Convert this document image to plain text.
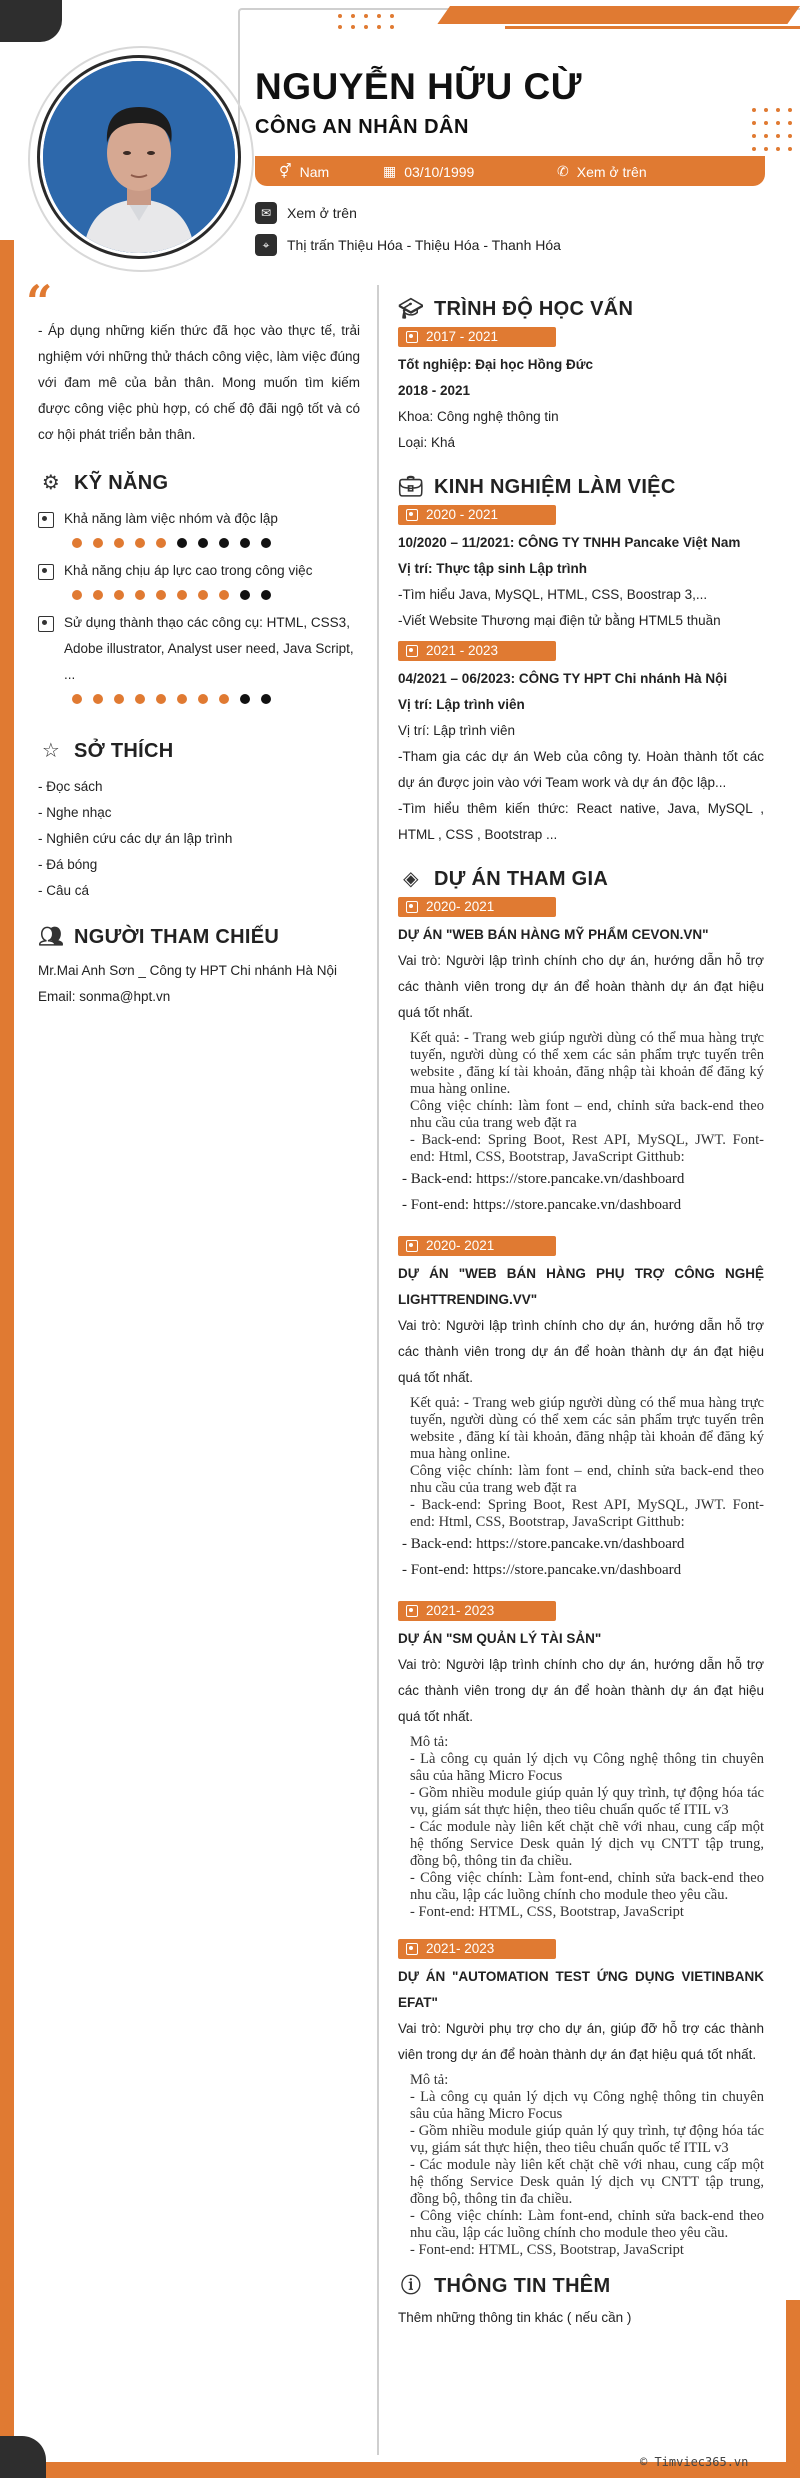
© Timviec365.vn
NGUYỄN HỮU CỪ
CÔNG AN NHÂN DÂN
⚥ Nam	▦ 03/10/1999	✆ Xem ở trên
✉	Xem ở trên
⌖	Thị trấn Thiệu Hóa - Thiệu Hóa - Thanh Hóa
“
- Áp dụng những kiến thức đã học vào thực tế, trải nghiệm với những thử thách công việc, làm việc đúng với đam mê của bản thân. Mong muốn tìm kiếm được công việc phù hợp, có chế độ đãi ngộ tốt và có cơ hội phát triển bản thân.
⚙ KỸ NĂNG
Khả năng làm việc nhóm và độc lập
Khả năng chịu áp lực cao trong công việc
Sử dụng thành thạo các công cụ: HTML, CSS3, Adobe illustrator, Analyst user need, Java Script, ...
☆ SỞ THÍCH
- Đọc sách
- Nghe nhạc
- Nghiên cứu các dự án lập trình
- Đá bóng
- Câu cá
👥︎ NGƯỜI THAM CHIẾU
Mr.Mai Anh Sơn _ Công ty HPT Chi nhánh Hà Nội
Email: sonma@hpt.vn
🎓︎ TRÌNH ĐỘ HỌC VẤN
2017 - 2021
Tốt nghiệp: Đại học Hồng Đức
2018 - 2021
Khoa: Công nghệ thông tin
Loại: Khá
💼︎ KINH NGHIỆM LÀM VIỆC
2020 - 2021
10/2020 – 11/2021: CÔNG TY TNHH Pancake Việt Nam
Vị trí: Thực tập sinh Lập trình
-Tìm hiểu Java, MySQL, HTML, CSS, Boostrap 3,...
-Viết Website Thương mại điện tử bằng HTML5 thuần
2021 - 2023
04/2021 – 06/2023: CÔNG TY HPT Chi nhánh Hà Nội
Vị trí: Lập trình viên
Vị trí: Lập trình viên
-Tham gia các dự án Web của công ty. Hoàn thành tốt các dự án được join vào với Team work và dự án độc lập...
-Tìm hiểu thêm kiến thức: React native, Java, MySQL , HTML , CSS , Bootstrap ...
◈ DỰ ÁN THAM GIA
2020- 2021
DỰ ÁN "WEB BÁN HÀNG MỸ PHẨM CEVON.VN"
Vai trò: Người lập trình chính cho dự án, hướng dẫn hỗ trợ các thành viên trong dự án để hoàn thành dự án đạt hiệu quá tốt nhất.
Kết quả: - Trang web giúp người dùng có thể mua hàng trực tuyến, người dùng có thể xem các sản phẩm trực tuyến trên website , đăng kí tài khoản, đăng nhập tài khoản để đăng ký mua hàng online.
Công việc chính: làm font – end, chỉnh sửa back-end theo nhu cầu của trang web đặt ra
- Back-end: Spring Boot, Rest API, MySQL, JWT. Font-end: Html, CSS, Bootstrap, JavaScript Gitthub:
- Back-end: https://store.pancake.vn/dashboard
- Font-end: https://store.pancake.vn/dashboard
2020- 2021
DỰ ÁN "WEB BÁN HÀNG PHỤ TRỢ CÔNG NGHỆ LIGHTTRENDING.VV"
Vai trò: Người lập trình chính cho dự án, hướng dẫn hỗ trợ các thành viên trong dự án để hoàn thành dự án đạt hiệu quá tốt nhất.
Kết quả: - Trang web giúp người dùng có thể mua hàng trực tuyến, người dùng có thể xem các sản phẩm trực tuyến trên website , đăng kí tài khoản, đăng nhập tài khoản để đăng ký mua hàng online.
Công việc chính: làm font – end, chỉnh sửa back-end theo nhu cầu của trang web đặt ra
- Back-end: Spring Boot, Rest API, MySQL, JWT. Font-end: Html, CSS, Bootstrap, JavaScript Gitthub:
- Back-end: https://store.pancake.vn/dashboard
- Font-end: https://store.pancake.vn/dashboard
2021- 2023
DỰ ÁN "SM QUẢN LÝ TÀI SẢN"
Vai trò: Người lập trình chính cho dự án, hướng dẫn hỗ trợ các thành viên trong dự án để hoàn thành dự án đạt hiệu quá tốt nhất.
Mô tả:
- Là công cụ quản lý dịch vụ Công nghệ thông tin chuyên sâu của hãng Micro Focus
- Gồm nhiều module giúp quản lý quy trình, tự động hóa tác vụ, giám sát thực hiện, theo tiêu chuẩn quốc tế ITIL v3
- Các module này liên kết chặt chẽ với nhau, cung cấp một hệ thống Service Desk quản lý dịch vụ CNTT tập trung, đồng bộ, thông tin đa chiều.
- Công việc chính: Làm font-end, chỉnh sửa back-end theo nhu cầu, lập các luồng chính cho module theo yêu cầu.
- Font-end: HTML, CSS, Bootstrap, JavaScript
2021- 2023
DỰ ÁN "AUTOMATION TEST ỨNG DỤNG VIETINBANK EFAT"
Vai trò: Người phụ trợ cho dự án, giúp đỡ hỗ trợ các thành viên trong dự án để hoàn thành dự án đạt hiệu quá tốt nhất.
Mô tả:
- Là công cụ quản lý dịch vụ Công nghệ thông tin chuyên sâu của hãng Micro Focus
- Gồm nhiều module giúp quản lý quy trình, tự động hóa tác vụ, giám sát thực hiện, theo tiêu chuẩn quốc tế ITIL v3
- Các module này liên kết chặt chẽ với nhau, cung cấp một hệ thống Service Desk quản lý dịch vụ CNTT tập trung, đồng bộ, thông tin đa chiều.
- Công việc chính: Làm font-end, chỉnh sửa back-end theo nhu cầu, lập các luồng chính cho module theo yêu cầu.
- Font-end: HTML, CSS, Bootstrap, JavaScript
ⓘ THÔNG TIN THÊM
Thêm những thông tin khác ( nếu cần )
